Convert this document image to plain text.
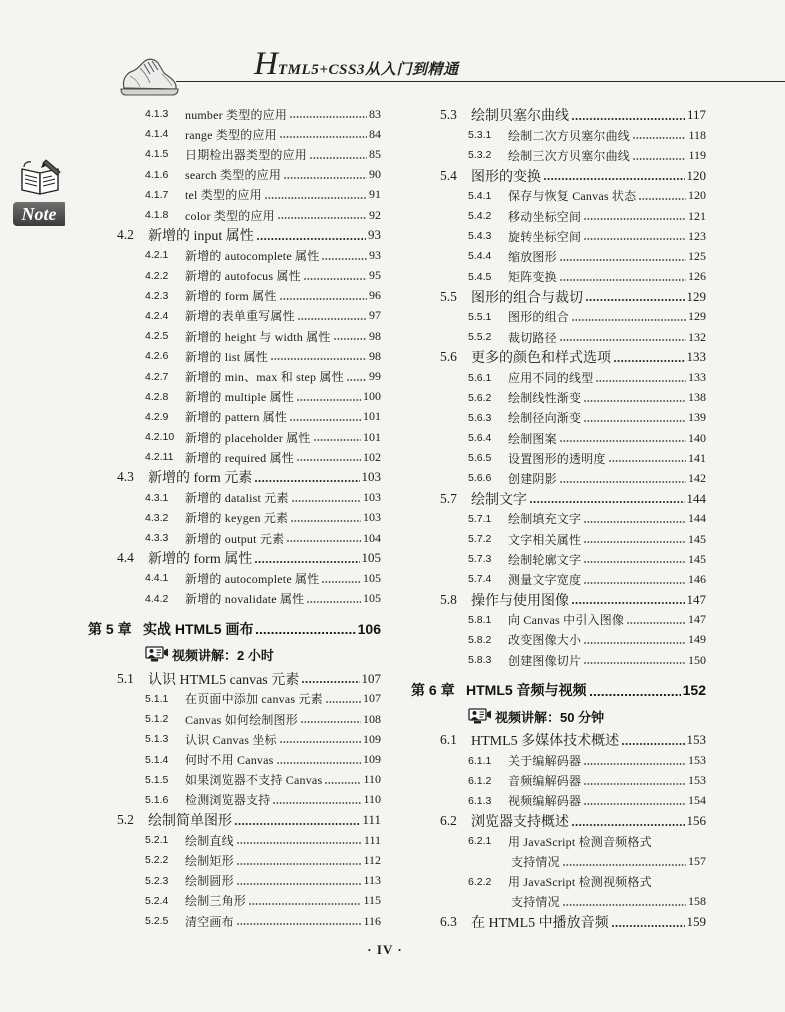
HTML5+CSS3从入门到精通
Note
4.1.3	number 类型的应用	83
4.1.4	range 类型的应用	84
4.1.5	日期检出器类型的应用	85
4.1.6	search 类型的应用	90
4.1.7	tel 类型的应用	91
4.1.8	color 类型的应用	92
4.2	新增的 input 属性	93
4.2.1	新增的 autocomplete 属性	93
4.2.2	新增的 autofocus 属性	95
4.2.3	新增的 form 属性	96
4.2.4	新增的表单重写属性	97
4.2.5	新增的 height 与 width 属性	98
4.2.6	新增的 list 属性	98
4.2.7	新增的 min、max 和 step 属性 99
4.2.8	新增的 multiple 属性	100
4.2.9	新增的 pattern 属性	101
4.2.10 新增的 placeholder 属性	101
4.2.11 新增的 required 属性	102
4.3	新增的 form 元素	103
4.3.1	新增的 datalist 元素	103
4.3.2	新增的 keygen 元素	103
4.3.3	新增的 output 元素	104
4.4	新增的 form 属性	105
4.4.1	新增的 autocomplete 属性	105
4.4.2	新增的 novalidate 属性	105
第 5 章 实战 HTML5 画布	106
视频讲解：2 小时
5.1	认识 HTML5 canvas 元素	107
5.1.1	在页面中添加 canvas 元素	107
5.1.2	Canvas 如何绘制图形	108
5.1.3	认识 Canvas 坐标	109
5.1.4	何时不用 Canvas	109
5.1.5	如果浏览器不支持 Canvas	110
5.1.6	检测浏览器支持	110
5.2	绘制简单图形	111
5.2.1	绘制直线	111
5.2.2	绘制矩形	112
5.2.3	绘制圆形	113
5.2.4	绘制三角形	115
5.2.5	清空画布	116
5.3	绘制贝塞尔曲线	117
5.3.1	绘制二次方贝塞尔曲线	118
5.3.2	绘制三次方贝塞尔曲线	119
5.4	图形的变换	120
5.4.1	保存与恢复 Canvas 状态	120
5.4.2	移动坐标空间	121
5.4.3	旋转坐标空间	123
5.4.4	缩放图形	125
5.4.5	矩阵变换	126
5.5	图形的组合与裁切	129
5.5.1	图形的组合	129
5.5.2	裁切路径	132
5.6	更多的颜色和样式选项	133
5.6.1	应用不同的线型	133
5.6.2	绘制线性渐变	138
5.6.3	绘制径向渐变	139
5.6.4	绘制图案	140
5.6.5	设置图形的透明度	141
5.6.6	创建阴影	142
5.7	绘制文字	144
5.7.1	绘制填充文字	144
5.7.2	文字相关属性	145
5.7.3	绘制轮廓文字	145
5.7.4	测量文字宽度	146
5.8	操作与使用图像	147
5.8.1	向 Canvas 中引入图像	147
5.8.2	改变图像大小	149
5.8.3	创建图像切片	150
第 6 章 HTML5 音频与视频	152
视频讲解：50 分钟
6.1	HTML5 多媒体技术概述	153
6.1.1	关于编解码器	153
6.1.2	音频编解码器	153
6.1.3	视频编解码器	154
6.2	浏览器支持概述	156
6.2.1	用 JavaScript 检测音频格式
支持情况	157
6.2.2	用 JavaScript 检测视频格式
支持情况	158
6.3	在 HTML5 中播放音频	159
· IV ·
